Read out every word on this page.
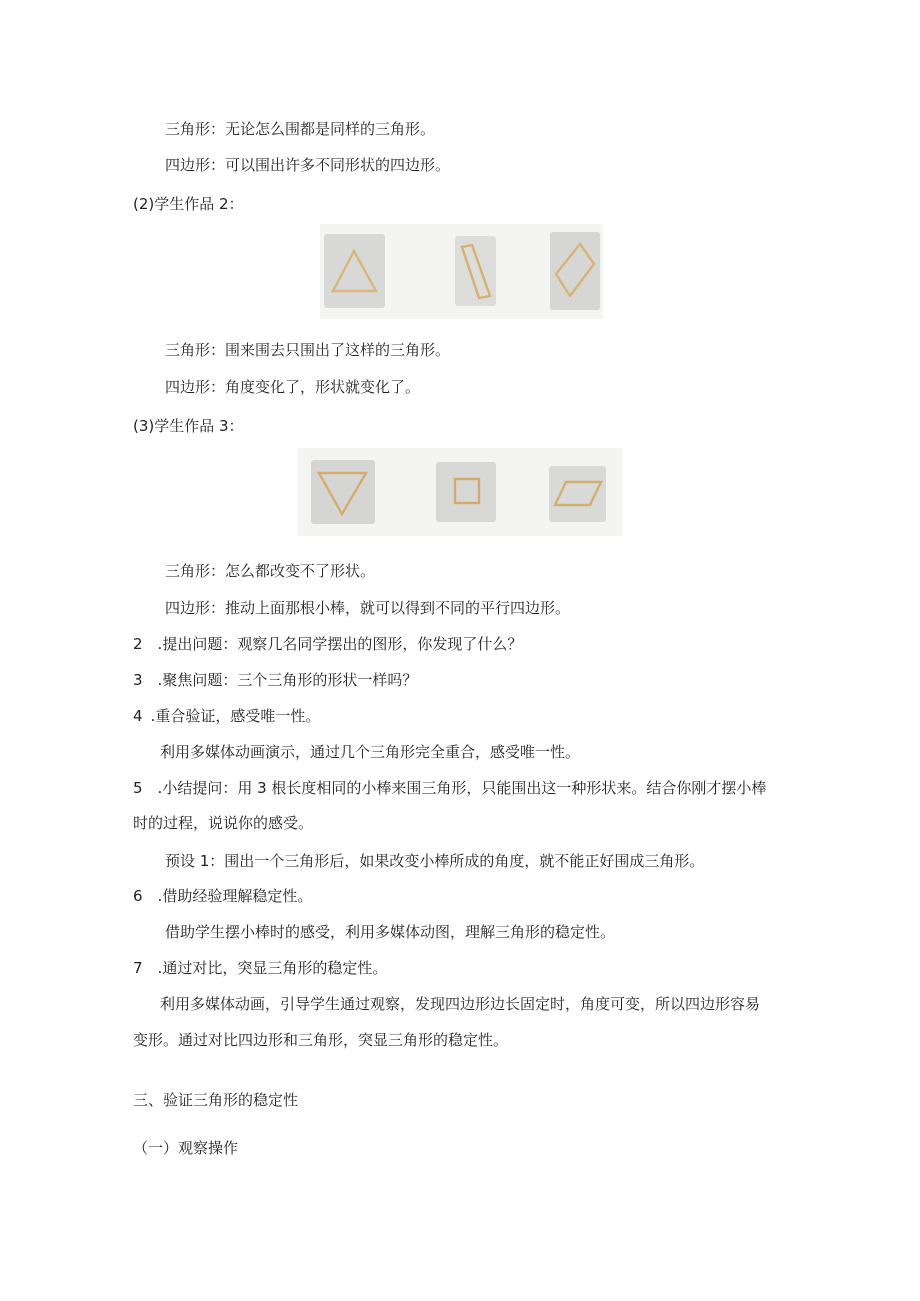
三角形：无论怎么围都是同样的三角形。
四边形：可以围出许多不同形状的四边形。
(2)学生作品 2：
三角形：围来围去只围出了这样的三角形。
四边形：角度变化了，形状就变化了。
(3)学生作品 3：
三角形：怎么都改变不了形状。
四边形：推动上面那根小棒，就可以得到不同的平行四边形。
2 .提出问题：观察几名同学摆出的图形，你发现了什么？
3 .聚焦问题：三个三角形的形状一样吗？
4 .重合验证，感受唯一性。
利用多媒体动画演示，通过几个三角形完全重合，感受唯一性。
5 .小结提问：用 3 根长度相同的小棒来围三角形，只能围出这一种形状来。结合你刚才摆小棒
时的过程，说说你的感受。
预设 1：围出一个三角形后，如果改变小棒所成的角度，就不能正好围成三角形。
6 .借助经验理解稳定性。
借助学生摆小棒时的感受，利用多媒体动图，理解三角形的稳定性。
7 .通过对比，突显三角形的稳定性。
利用多媒体动画，引导学生通过观察，发现四边形边长固定时，角度可变，所以四边形容易
变形。通过对比四边形和三角形，突显三角形的稳定性。
三、验证三角形的稳定性
（一）观察操作
